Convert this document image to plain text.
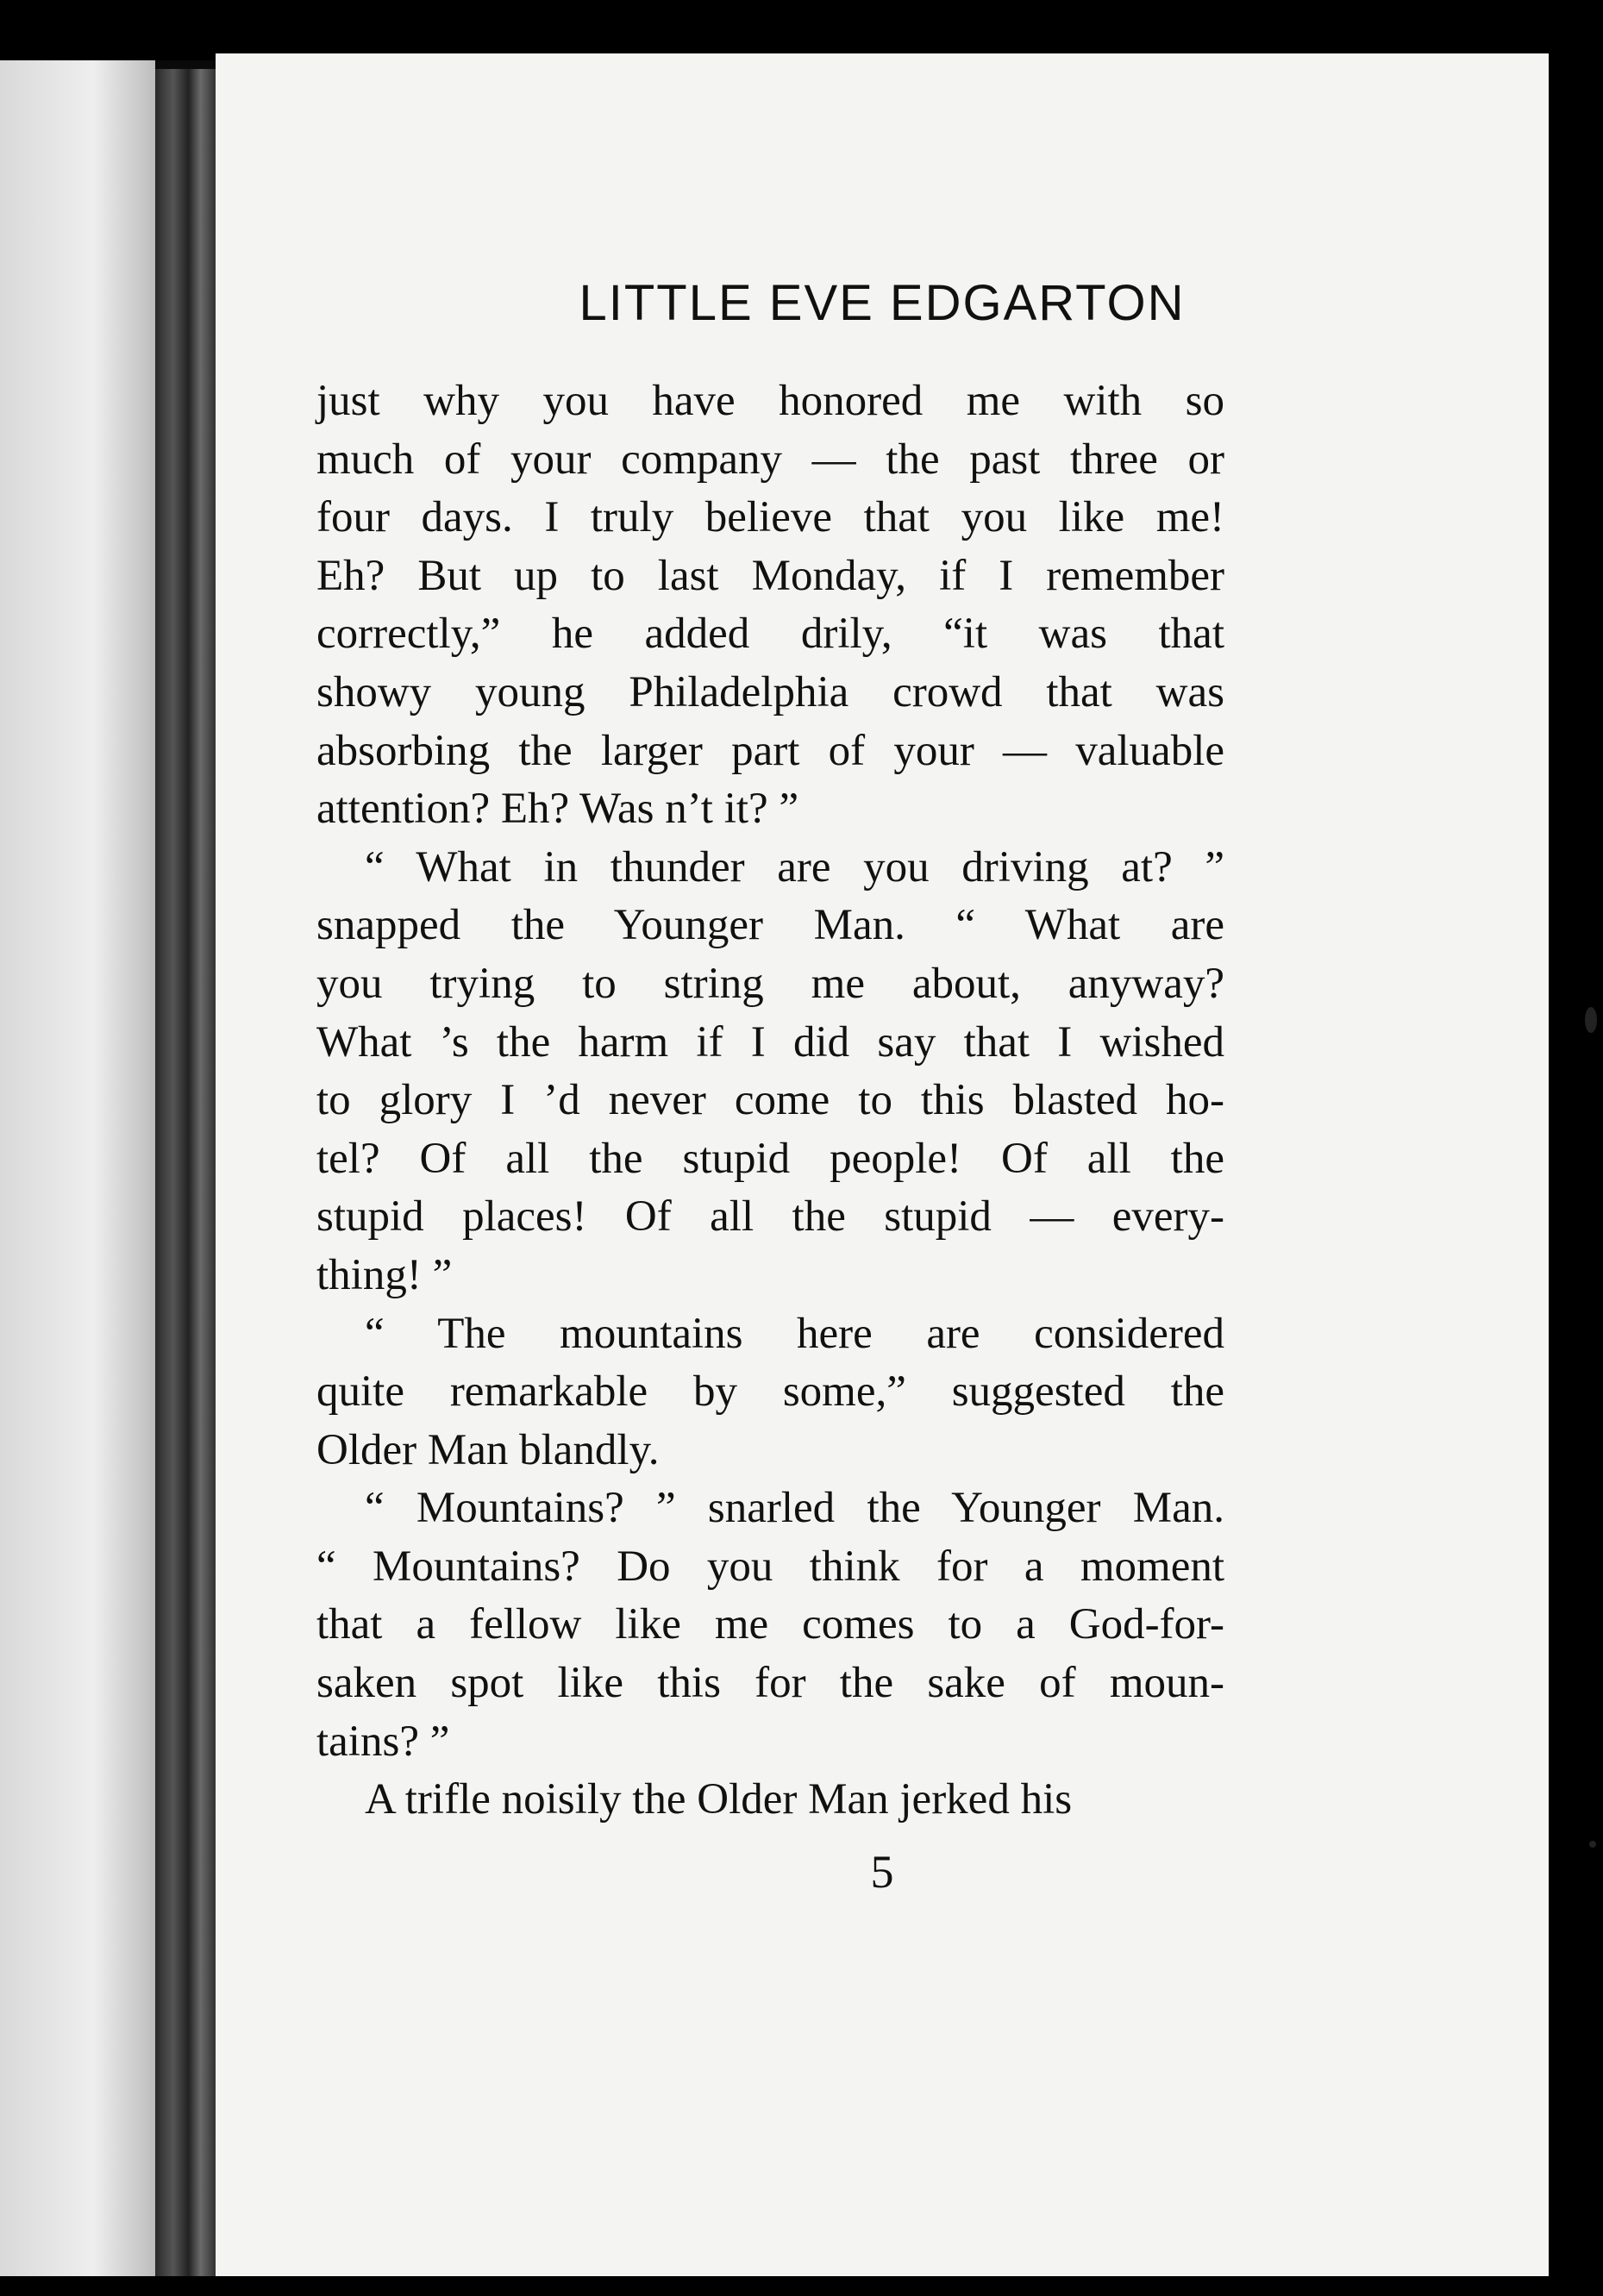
LITTLE EVE EDGARTON
just why you have honored me with so
much of your company — the past three or
four days. I truly believe that you like me!
Eh? But up to last Monday, if I remember
correctly,” he added drily, “it was that
showy young Philadelphia crowd that was
absorbing the larger part of your — valuable
attention? Eh? Was n’t it? ”
“ What in thunder are you driving at? ”
snapped the Younger Man. “ What are
you trying to string me about, anyway?
What ’s the harm if I did say that I wished
to glory I ’d never come to this blasted ho-
tel? Of all the stupid people! Of all the
stupid places! Of all the stupid — every-
thing! ”
“ The mountains here are considered
quite remarkable by some,” suggested the
Older Man blandly.
“ Mountains? ” snarled the Younger Man.
“ Mountains? Do you think for a moment
that a fellow like me comes to a God-for-
saken spot like this for the sake of moun-
tains? ”
A trifle noisily the Older Man jerked his
5
